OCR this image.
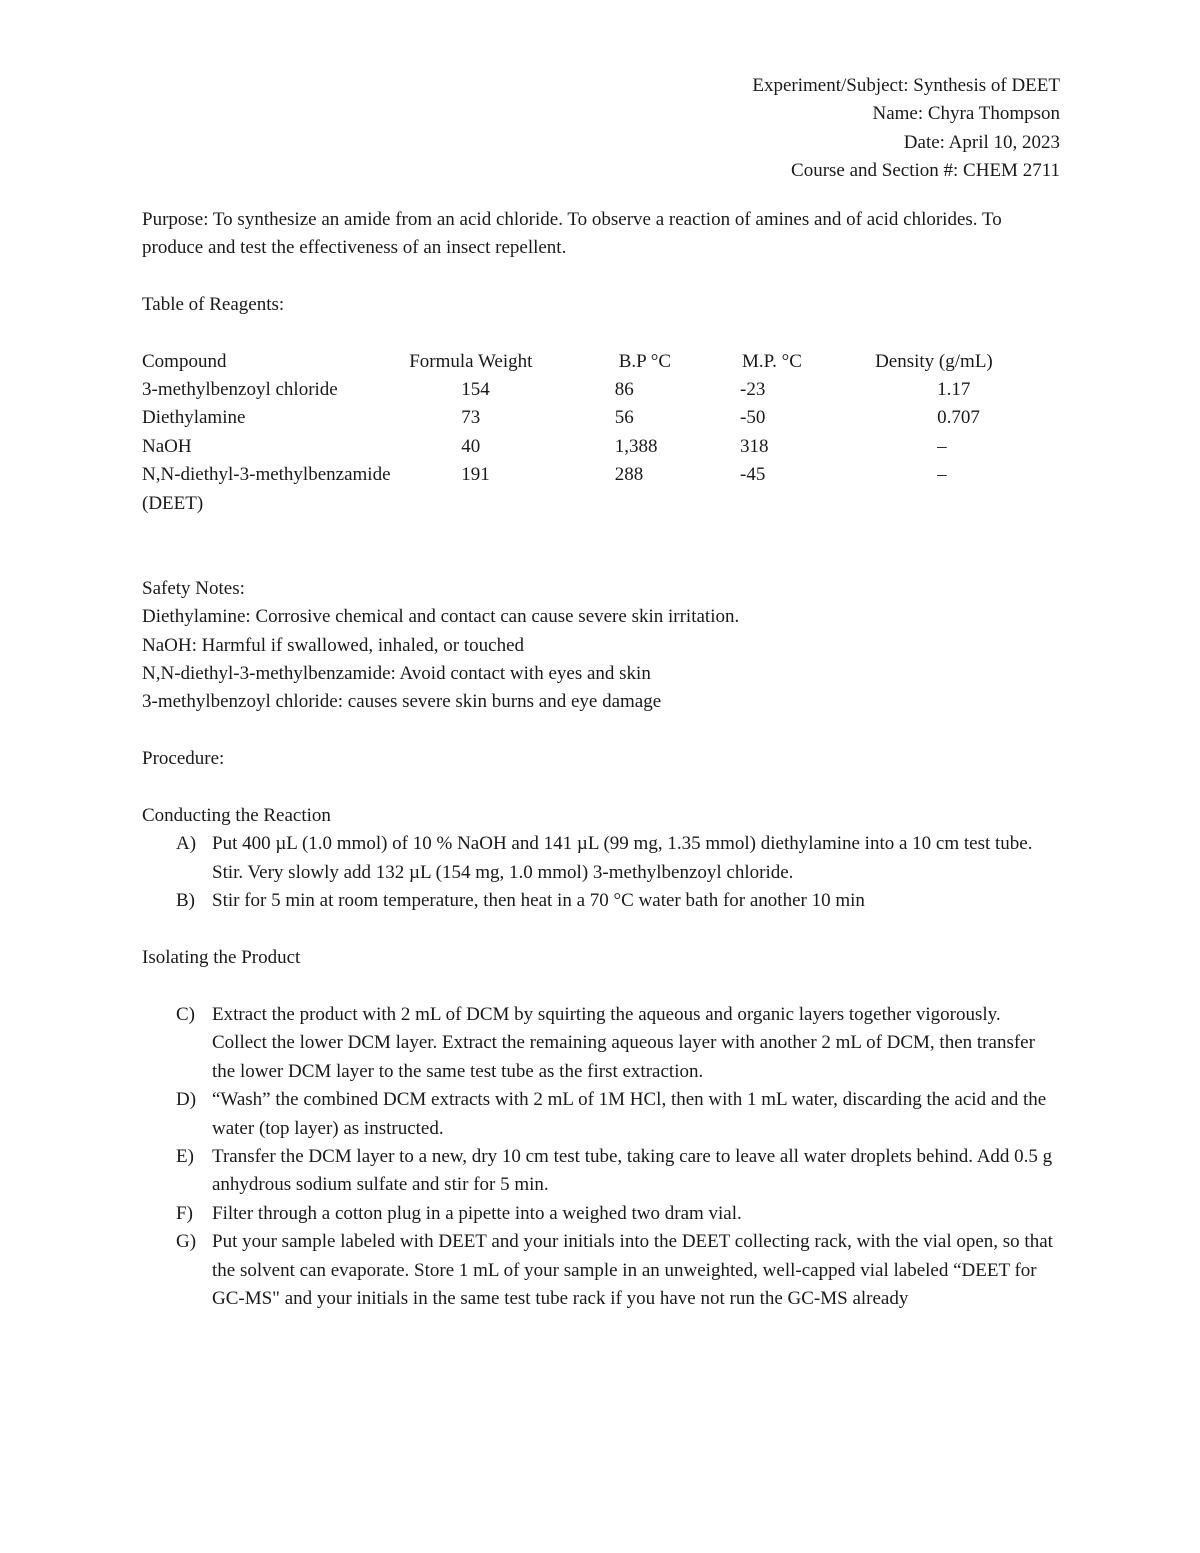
Experiment/Subject: Synthesis of DEET
Name: Chyra Thompson
Date: April 10, 2023
Course and Section #: CHEM 2711

Purpose: To synthesize an amide from an acid chloride. To observe a reaction of amines and of acid chlorides. To produce and test the effectiveness of an insect repellent.

Table of Reagents:

Compound	Formula Weight	B.P °C	M.P. °C	Density (g/mL)
3-methylbenzoyl chloride	154	86	-23	1.17
Diethylamine	73	56	-50	0.707
NaOH	40	1,388	318	–
N,N-diethyl-3-methylbenzamide	191	288	-45	–
(DEET)				

Safety Notes:

Diethylamine: Corrosive chemical and contact can cause severe skin irritation.

NaOH: Harmful if swallowed, inhaled, or touched

N,N-diethyl-3-methylbenzamide: Avoid contact with eyes and skin

3-methylbenzoyl chloride: causes severe skin burns and eye damage

Procedure:

Conducting the Reaction

A) Put 400 µL (1.0 mmol) of 10 % NaOH and 141 µL (99 mg, 1.35 mmol) diethylamine into a 10 cm test tube. Stir. Very slowly add 132 µL (154 mg, 1.0 mmol) 3-methylbenzoyl chloride.
B) Stir for 5 min at room temperature, then heat in a 70 °C water bath for another 10 min

Isolating the Product

C) Extract the product with 2 mL of DCM by squirting the aqueous and organic layers together vigorously. Collect the lower DCM layer. Extract the remaining aqueous layer with another 2 mL of DCM, then transfer the lower DCM layer to the same test tube as the first extraction.
D) “Wash” the combined DCM extracts with 2 mL of 1M HCl, then with 1 mL water, discarding the acid and the water (top layer) as instructed.
E) Transfer the DCM layer to a new, dry 10 cm test tube, taking care to leave all water droplets behind. Add 0.5 g anhydrous sodium sulfate and stir for 5 min.
F) Filter through a cotton plug in a pipette into a weighed two dram vial.
G) Put your sample labeled with DEET and your initials into the DEET collecting rack, with the vial open, so that the solvent can evaporate. Store 1 mL of your sample in an unweighted, well-capped vial labeled “DEET for GC-MS" and your initials in the same test tube rack if you have not run the GC-MS already
